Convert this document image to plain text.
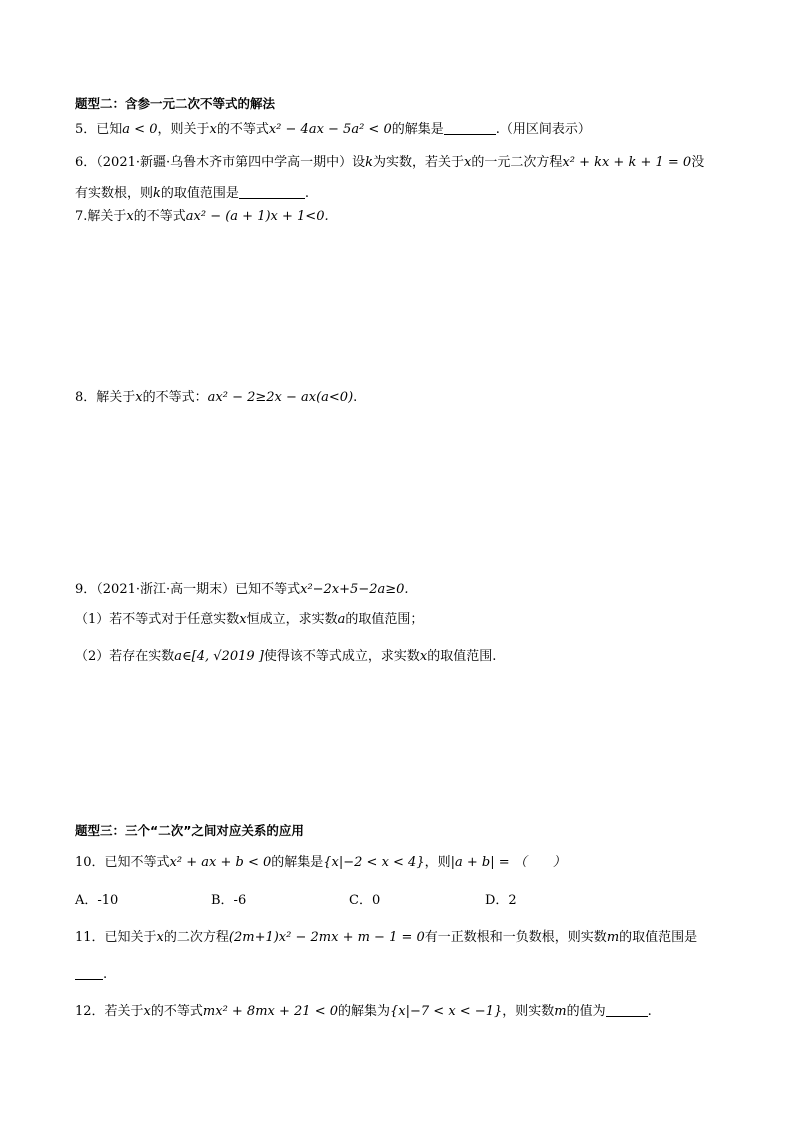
题型二：含参一元二次不等式的解法
5．已知a < 0，则关于x的不等式x² − 4ax − 5a² < 0的解集是	.（用区间表示）
6．（2021·新疆·乌鲁木齐市第四中学高一期中）设k为实数，若关于x的一元二次方程x² + kx + k + 1 = 0没
有实数根，则k的取值范围是	.
7.解关于x的不等式ax² − (a + 1)x + 1<0.
8．解关于x的不等式：ax² − 2≥2x − ax(a<0).
9．（2021·浙江·高一期末）已知不等式x²−2x+5−2a≥0.
（1）若不等式对于任意实数x恒成立，求实数a的取值范围；
（2）若存在实数a∈[4, √2019 ]使得该不等式成立，求实数x的取值范围.
题型三：三个“二次”之间对应关系的应用
10．已知不等式x² + ax + b < 0的解集是{x|−2 < x < 4}，则|a + b| = （　　）
A．-10	B．-6	C．0	D．2
11．已知关于x的二次方程(2m+1)x² − 2mx + m − 1 = 0有一正数根和一负数根，则实数m的取值范围是
.
12．若关于x的不等式mx² + 8mx + 21 < 0的解集为{x|−7 < x < −1}，则实数m的值为	.
